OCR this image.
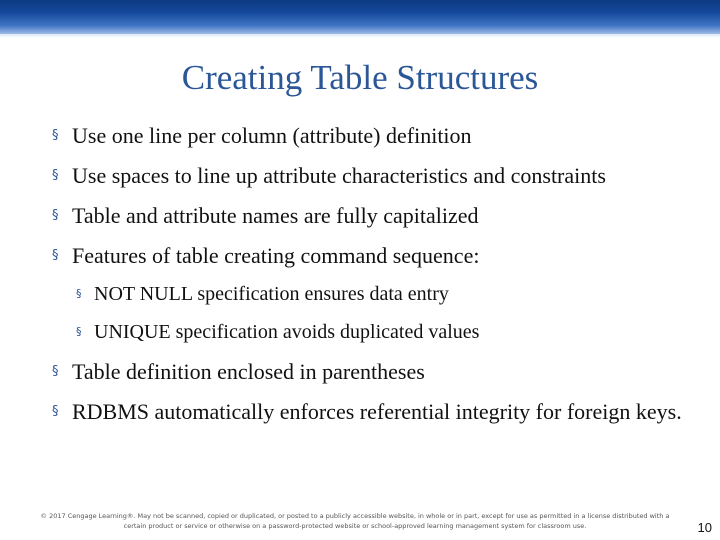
Creating Table Structures
§ Use one line per column (attribute) definition
§ Use spaces to line up attribute characteristics and constraints
§ Table and attribute names are fully capitalized
§ Features of table creating command sequence:
§ NOT NULL specification ensures data entry
§ UNIQUE specification avoids duplicated values
§ Table definition enclosed in parentheses
§ RDBMS automatically enforces referential integrity for foreign keys.
© 2017 Cengage Learning®. May not be scanned, copied or duplicated, or posted to a publicly accessible website, in whole or in part, except for use as permitted in a license distributed with a
certain product or service or otherwise on a password-protected website or school-approved learning management system for classroom use.	10
